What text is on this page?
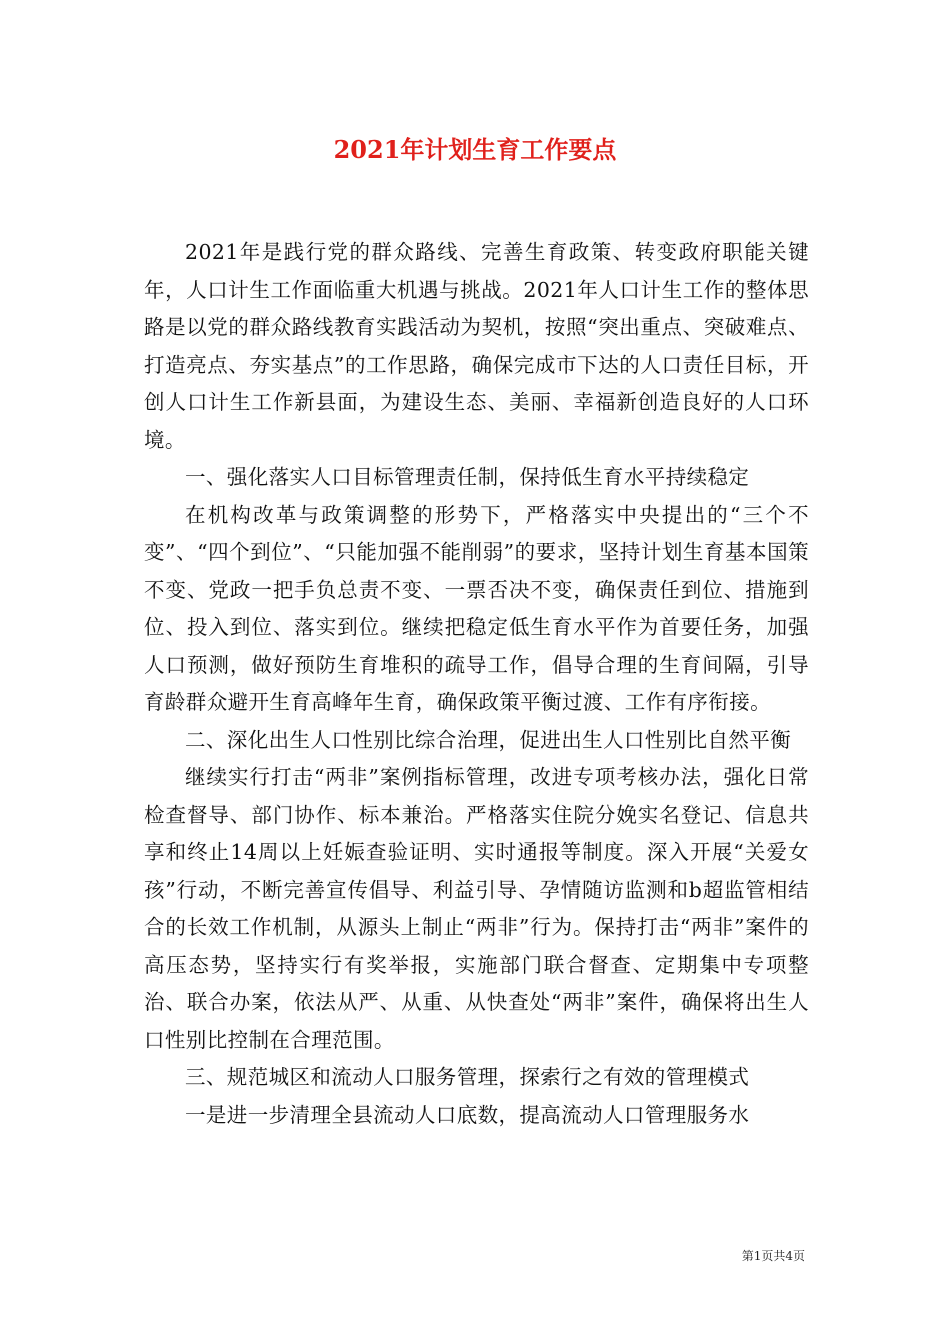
2021年计划生育工作要点

2021年是践行党的群众路线、完善生育政策、转变政府职能关键年，人口计生工作面临重大机遇与挑战。2021年人口计生工作的整体思路是以党的群众路线教育实践活动为契机，按照“突出重点、突破难点、打造亮点、夯实基点”的工作思路，确保完成市下达的人口责任目标，开创人口计生工作新县面，为建设生态、美丽、幸福新创造良好的人口环境。

一、强化落实人口目标管理责任制，保持低生育水平持续稳定

在机构改革与政策调整的形势下，严格落实中央提出的“三个不变”、“四个到位”、“只能加强不能削弱”的要求，坚持计划生育基本国策不变、党政一把手负总责不变、一票否决不变，确保责任到位、措施到位、投入到位、落实到位。继续把稳定低生育水平作为首要任务，加强人口预测，做好预防生育堆积的疏导工作，倡导合理的生育间隔，引导育龄群众避开生育高峰年生育，确保政策平衡过渡、工作有序衔接。

二、深化出生人口性别比综合治理，促进出生人口性别比自然平衡

继续实行打击“两非”案例指标管理，改进专项考核办法，强化日常检查督导、部门协作、标本兼治。严格落实住院分娩实名登记、信息共享和终止14周以上妊娠查验证明、实时通报等制度。深入开展“关爱女孩”行动，不断完善宣传倡导、利益引导、孕情随访监测和b超监管相结合的长效工作机制，从源头上制止“两非”行为。保持打击“两非”案件的高压态势，坚持实行有奖举报，实施部门联合督查、定期集中专项整治、联合办案，依法从严、从重、从快查处“两非”案件，确保将出生人口性别比控制在合理范围。

三、规范城区和流动人口服务管理，探索行之有效的管理模式

一是进一步清理全县流动人口底数，提高流动人口管理服务水

第1页共4页
